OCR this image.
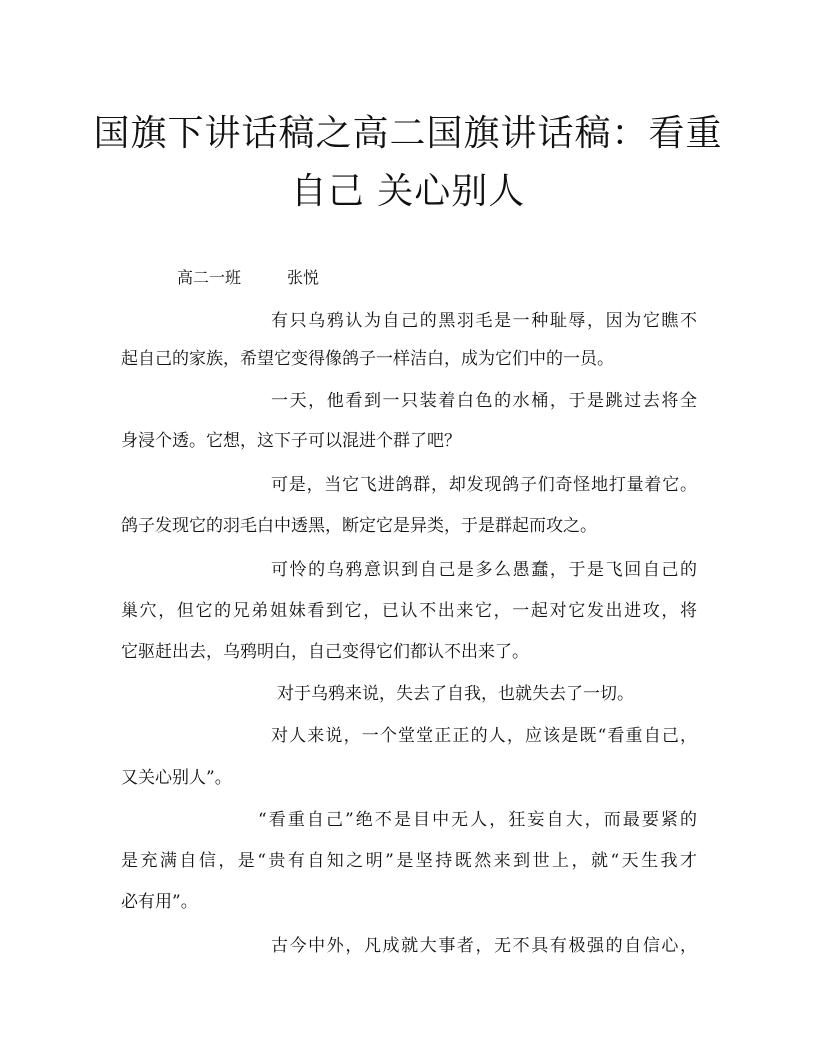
国旗下讲话稿之高二国旗讲话稿：看重
自己 关心别人
高二一班	张悦
有只乌鸦认为自己的黑羽毛是一种耻辱，因为它瞧不
起自己的家族，希望它变得像鸽子一样洁白，成为它们中的一员。
一天，他看到一只装着白色的水桶，于是跳过去将全
身浸个透。它想，这下子可以混进个群了吧？
可是，当它飞进鸽群，却发现鸽子们奇怪地打量着它。
鸽子发现它的羽毛白中透黑，断定它是异类，于是群起而攻之。
可怜的乌鸦意识到自己是多么愚蠢，于是飞回自己的
巢穴，但它的兄弟姐妹看到它，已认不出来它，一起对它发出进攻，将
它驱赶出去，乌鸦明白，自己变得它们都认不出来了。
对于乌鸦来说，失去了自我，也就失去了一切。
对人来说，一个堂堂正正的人，应该是既“看重自己，
又关心别人”。
“看重自己”绝不是目中无人，狂妄自大，而最要紧的
是充满自信，是“贵有自知之明”是坚持既然来到世上，就“天生我才
必有用”。
古今中外，凡成就大事者，无不具有极强的自信心，
